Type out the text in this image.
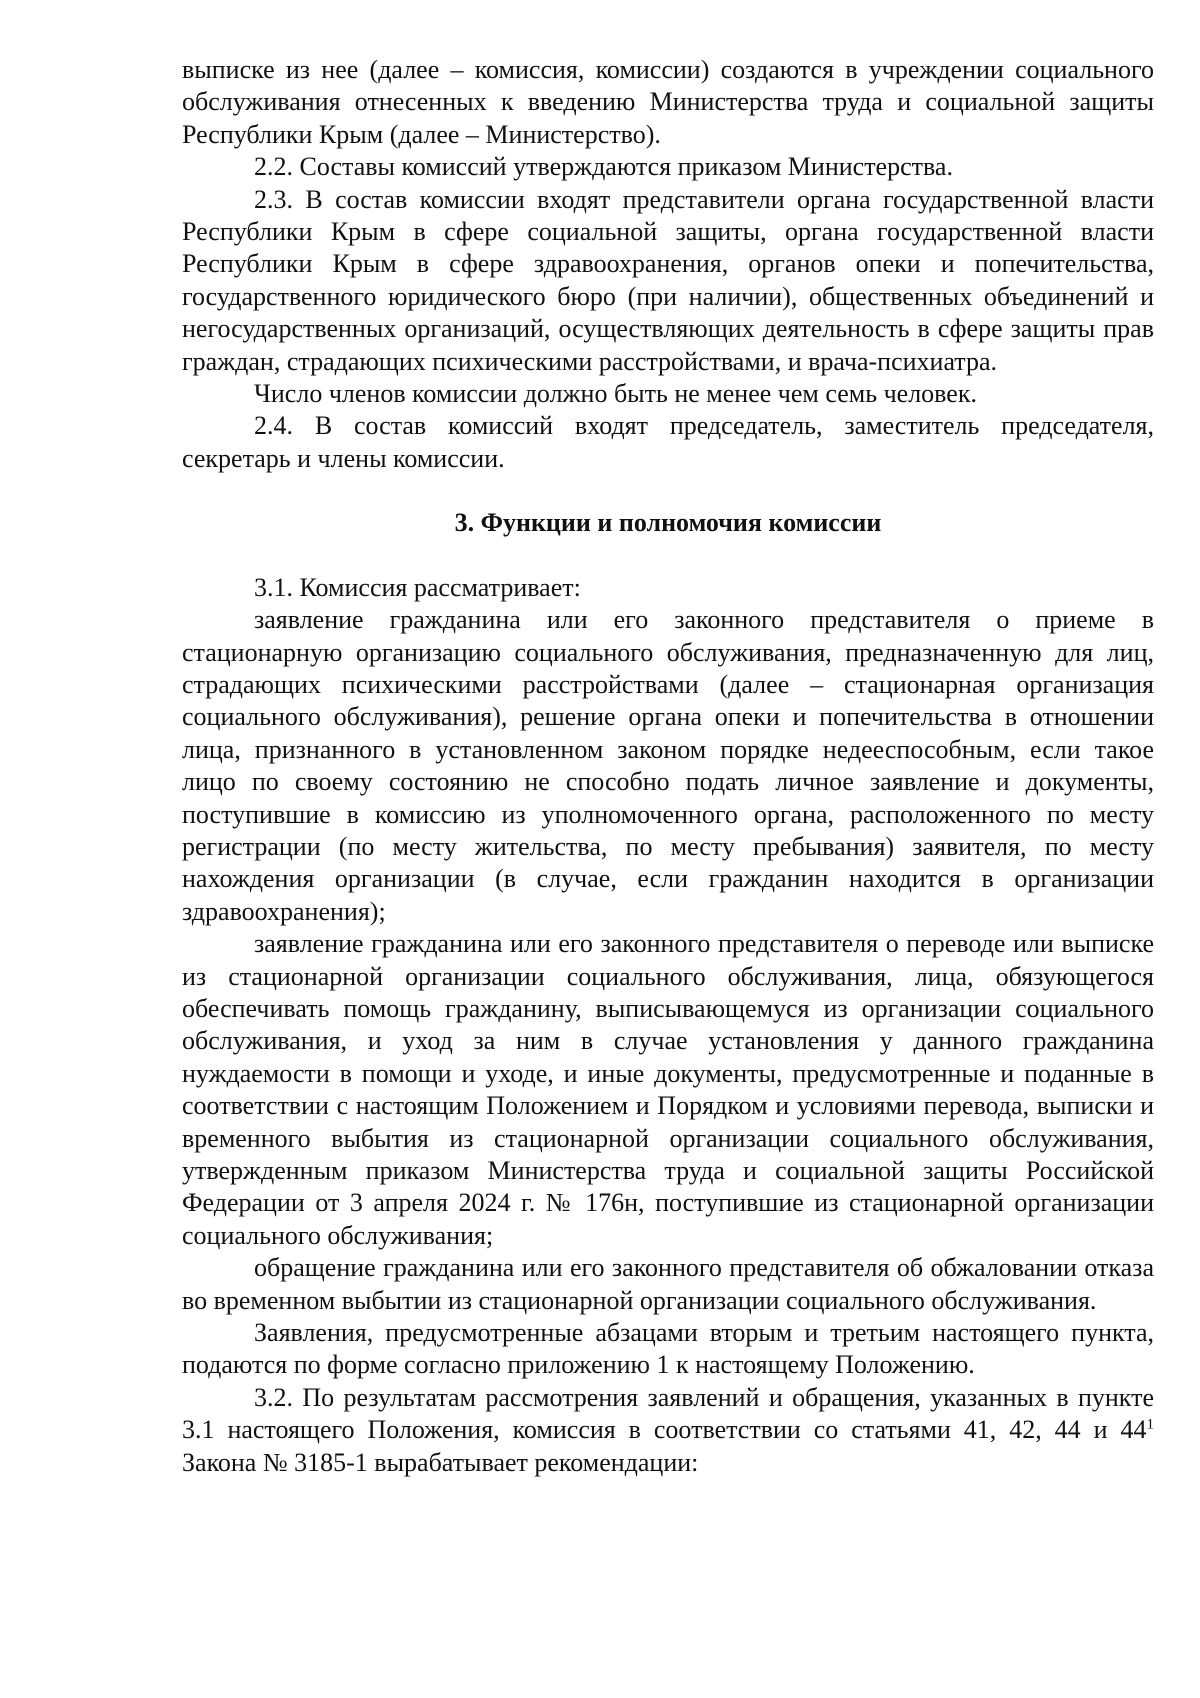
выписке из нее (далее – комиссия, комиссии) создаются в учреждении социального обслуживания отнесенных к введению Министерства труда и социальной защиты Республики Крым (далее – Министерство).

2.2. Составы комиссий утверждаются приказом Министерства.

2.3. В состав комиссии входят представители органа государственной власти Республики Крым в сфере социальной защиты, органа государственной власти Республики Крым в сфере здравоохранения, органов опеки и попечительства, государственного юридического бюро (при наличии), общественных объединений и негосударственных организаций, осуществляющих деятельность в сфере защиты прав граждан, страдающих психическими расстройствами, и врача-психиатра.

Число членов комиссии должно быть не менее чем семь человек.

2.4. В состав комиссий входят председатель, заместитель председателя, секретарь и члены комиссии.

3. Функции и полномочия комиссии

3.1. Комиссия рассматривает:

заявление гражданина или его законного представителя о приеме в стационарную организацию социального обслуживания, предназначенную для лиц, страдающих психическими расстройствами (далее – стационарная организация социального обслуживания), решение органа опеки и попечительства в отношении лица, признанного в установленном законом порядке недееспособным, если такое лицо по своему состоянию не способно подать личное заявление и документы, поступившие в комиссию из уполномоченного органа, расположенного по месту регистрации (по месту жительства, по месту пребывания) заявителя, по месту нахождения организации (в случае, если гражданин находится в организации здравоохранения);

заявление гражданина или его законного представителя о переводе или выписке из стационарной организации социального обслуживания, лица, обязующегося обеспечивать помощь гражданину, выписывающемуся из организации социального обслуживания, и уход за ним в случае установления у данного гражданина нуждаемости в помощи и уходе, и иные документы, предусмотренные и поданные в соответствии с настоящим Положением и Порядком и условиями перевода, выписки и временного выбытия из стационарной организации социального обслуживания, утвержденным приказом Министерства труда и социальной защиты Российской Федерации от 3 апреля 2024 г. № 176н, поступившие из стационарной организации социального обслуживания;

обращение гражданина или его законного представителя об обжаловании отказа во временном выбытии из стационарной организации социального обслуживания.

Заявления, предусмотренные абзацами вторым и третьим настоящего пункта, подаются по форме согласно приложению 1 к настоящему Положению.

3.2. По результатам рассмотрения заявлений и обращения, указанных в пункте 3.1 настоящего Положения, комиссия в соответствии со статьями 41, 42, 44 и $44^1$ Закона № 3185-1 вырабатывает рекомендации:
